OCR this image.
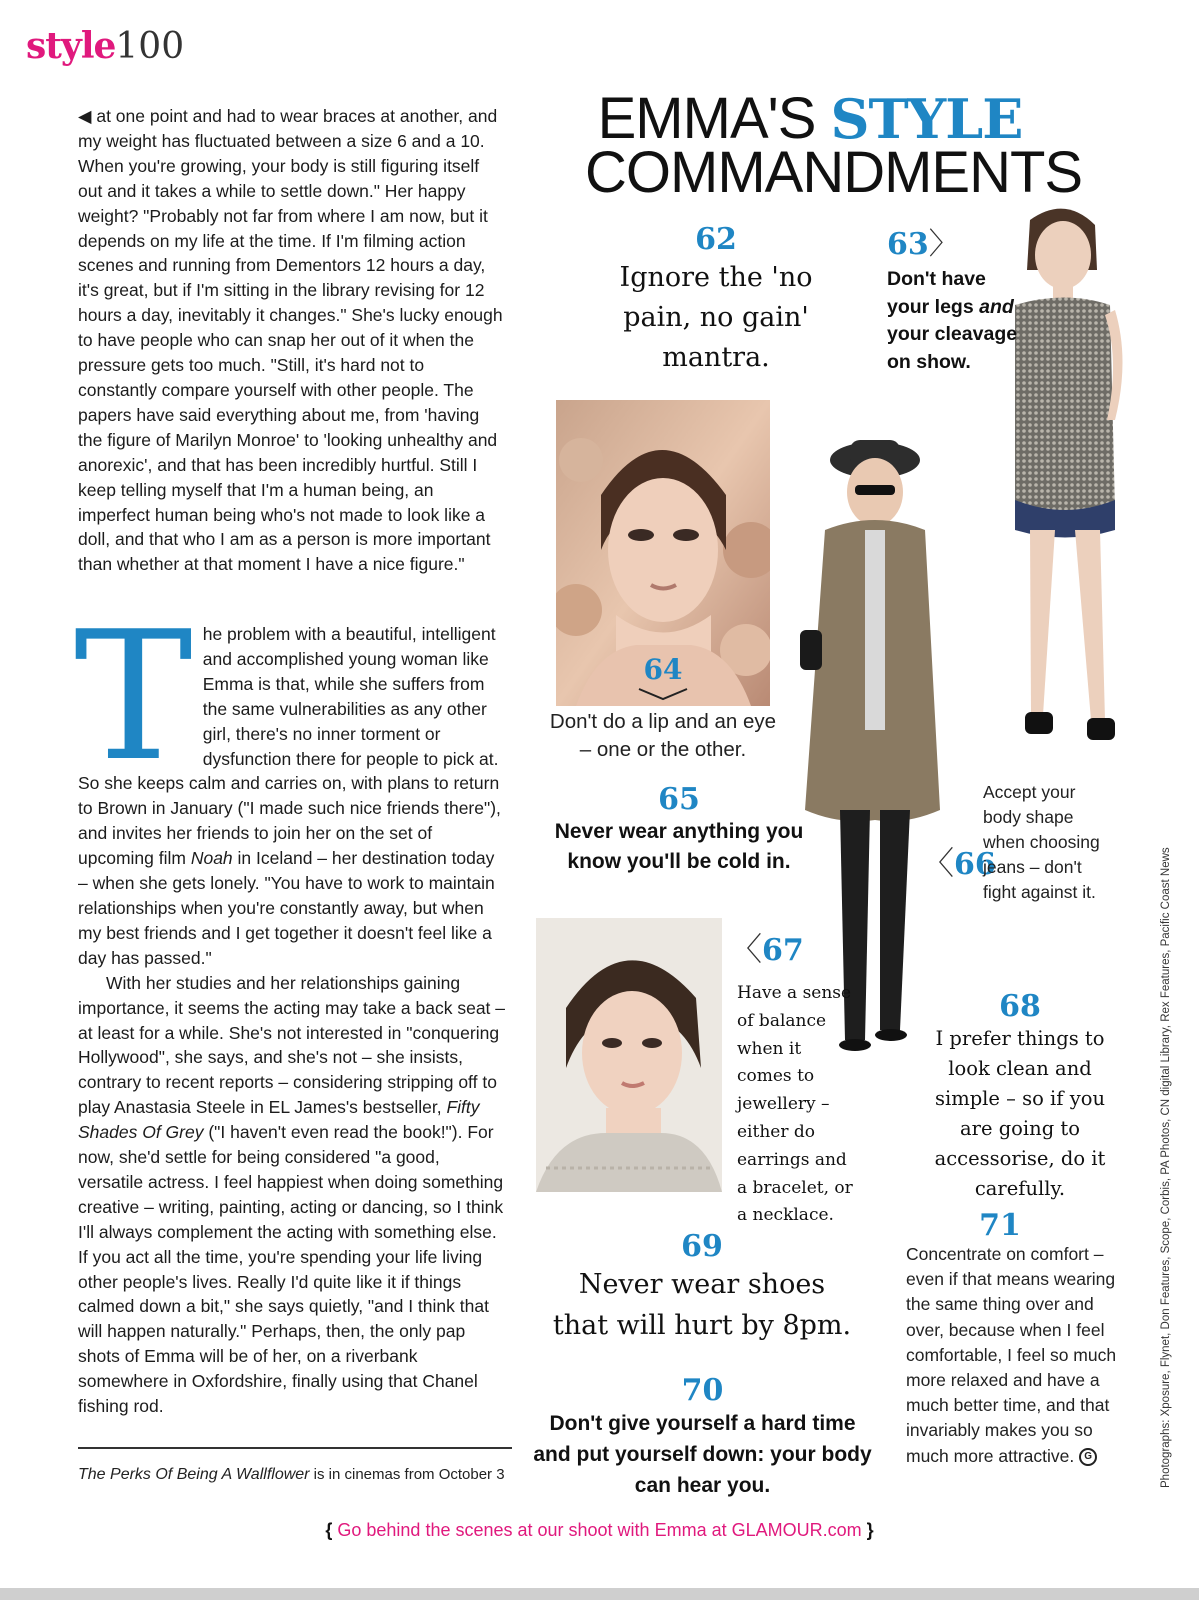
style100

◀ at one point and had to wear braces at another, and my weight has fluctuated between a size 6 and a 10. When you're growing, your body is still figuring itself out and it takes a while to settle down." Her happy weight? "Probably not far from where I am now, but it depends on my life at the time. If I'm filming action scenes and running from Dementors 12 hours a day, it's great, but if I'm sitting in the library revising for 12 hours a day, inevitably it changes." She's lucky enough to have people who can snap her out of it when the pressure gets too much. "Still, it's hard not to constantly compare yourself with other people. The papers have said everything about me, from 'having the figure of Marilyn Monroe' to 'looking unhealthy and anorexic', and that has been incredibly hurtful. Still I keep telling myself that I'm a human being, an imperfect human being who's not made to look like a doll, and that who I am as a person is more important than whether at that moment I have a nice figure."

The problem with a beautiful, intelligent and accomplished young woman like Emma is that, while she suffers from the same vulnerabilities as any other girl, there's no inner torment or dysfunction there for people to pick at. So she keeps calm and carries on, with plans to return to Brown in January ("I made such nice friends there"), and invites her friends to join her on the set of upcoming film Noah in Iceland – her destination today – when she gets lonely. "You have to work to maintain relationships when you're constantly away, but when my best friends and I get together it doesn't feel like a day has passed."

With her studies and her relationships gaining importance, it seems the acting may take a back seat – at least for a while. She's not interested in "conquering Hollywood", she says, and she's not – she insists, contrary to recent reports – considering stripping off to play Anastasia Steele in EL James's bestseller, Fifty Shades Of Grey ("I haven't even read the book!"). For now, she'd settle for being considered "a good, versatile actress. I feel happiest when doing something creative – writing, painting, acting or dancing, so I think I'll always complement the acting with something else. If you act all the time, you're spending your life living other people's lives. Really I'd quite like it if things calmed down a bit," she says quietly, "and I think that will happen naturally." Perhaps, then, the only pap shots of Emma will be of her, on a riverbank somewhere in Oxfordshire, finally using that Chanel fishing rod.

The Perks Of Being A Wallflower is in cinemas from October 3
EMMA'S STYLE
COMMANDMENTS
62
Ignore the 'no pain, no gain' mantra.
63〉
Don't have your legs and your cleavage on show.
64
Don't do a lip and an eye – one or the other.
65
Never wear anything you know you'll be cold in.	〈66
Accept your body shape when choosing jeans – don't fight against it.
〈67
Have a sense of balance when it comes to jewellery – either do earrings and a bracelet, or a necklace.
68
I prefer things to look clean and simple – so if you are going to accessorise, do it carefully.
69
Never wear shoes that will hurt by 8pm.
70
Don't give yourself a hard time and put yourself down: your body can hear you.
71
Concentrate on comfort – even if that means wearing the same thing over and over, because when I feel comfortable, I feel so much more relaxed and have a much better time, and that invariably makes you so much more attractive. G	Photographs: Xposure, Flynet, Don Features, Scope, Corbis, PA Photos, CN digital Library, Rex Features, Pacific Coast News
{ Go behind the scenes at our shoot with Emma at GLAMOUR.com }
